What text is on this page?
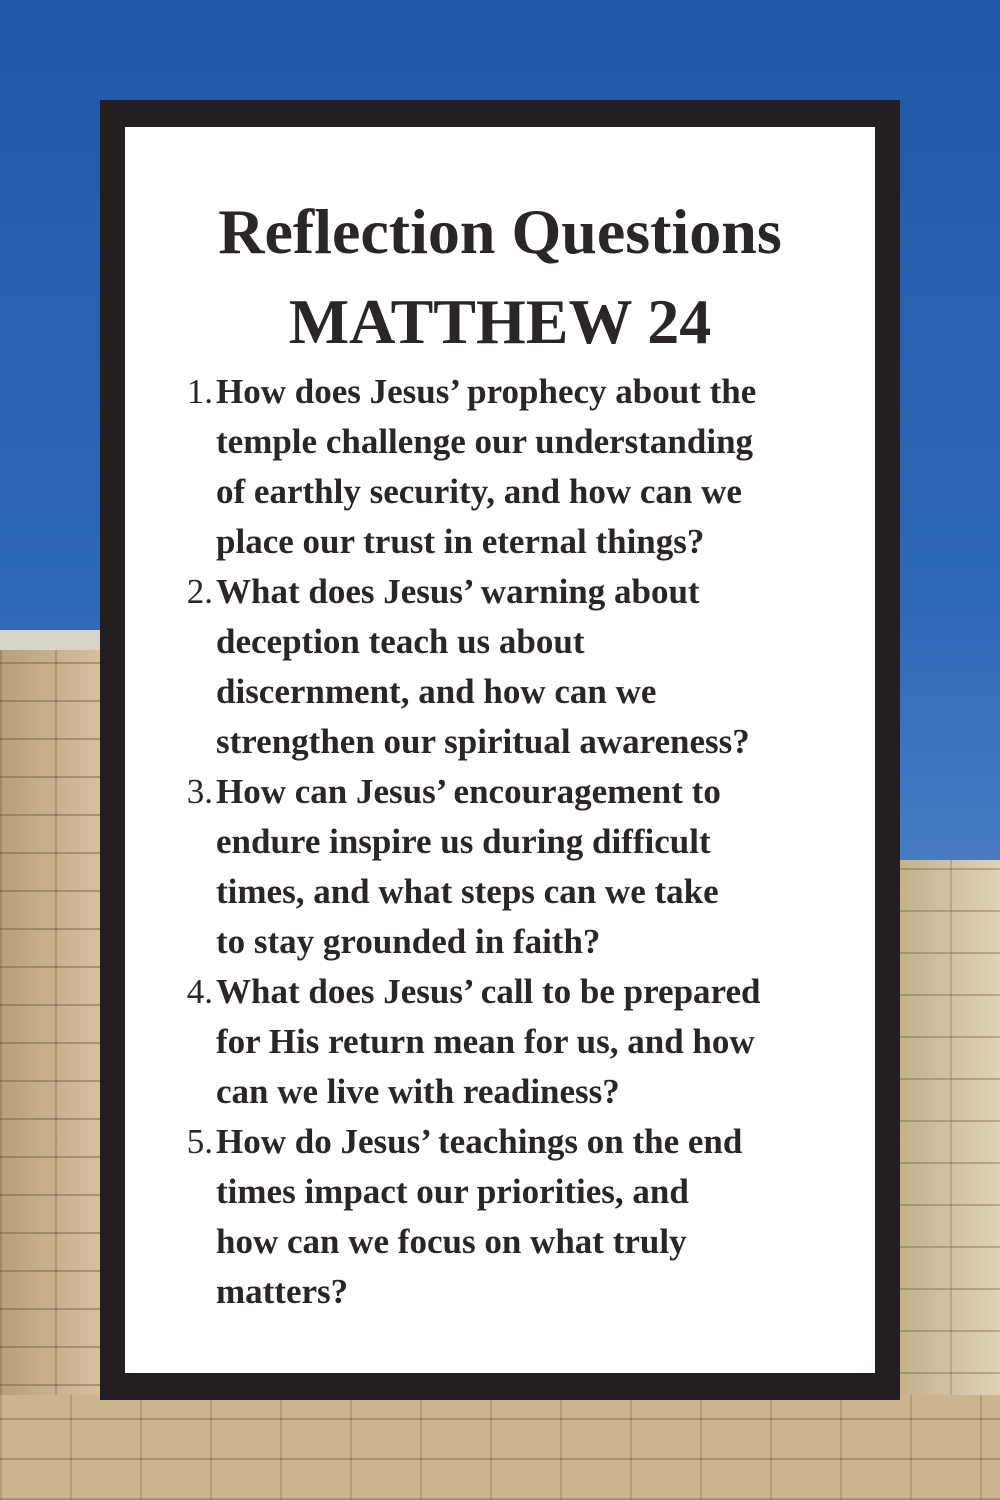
Reflection Questions
MATTHEW 24
1. How does Jesus’ prophecy about the
temple challenge our understanding
of earthly security, and how can we
place our trust in eternal things?
2. What does Jesus’ warning about
deception teach us about
discernment, and how can we
strengthen our spiritual awareness?
3. How can Jesus’ encouragement to
endure inspire us during difficult
times, and what steps can we take
to stay grounded in faith?
4. What does Jesus’ call to be prepared
for His return mean for us, and how
can we live with readiness?
5. How do Jesus’ teachings on the end
times impact our priorities, and
how can we focus on what truly
matters?
